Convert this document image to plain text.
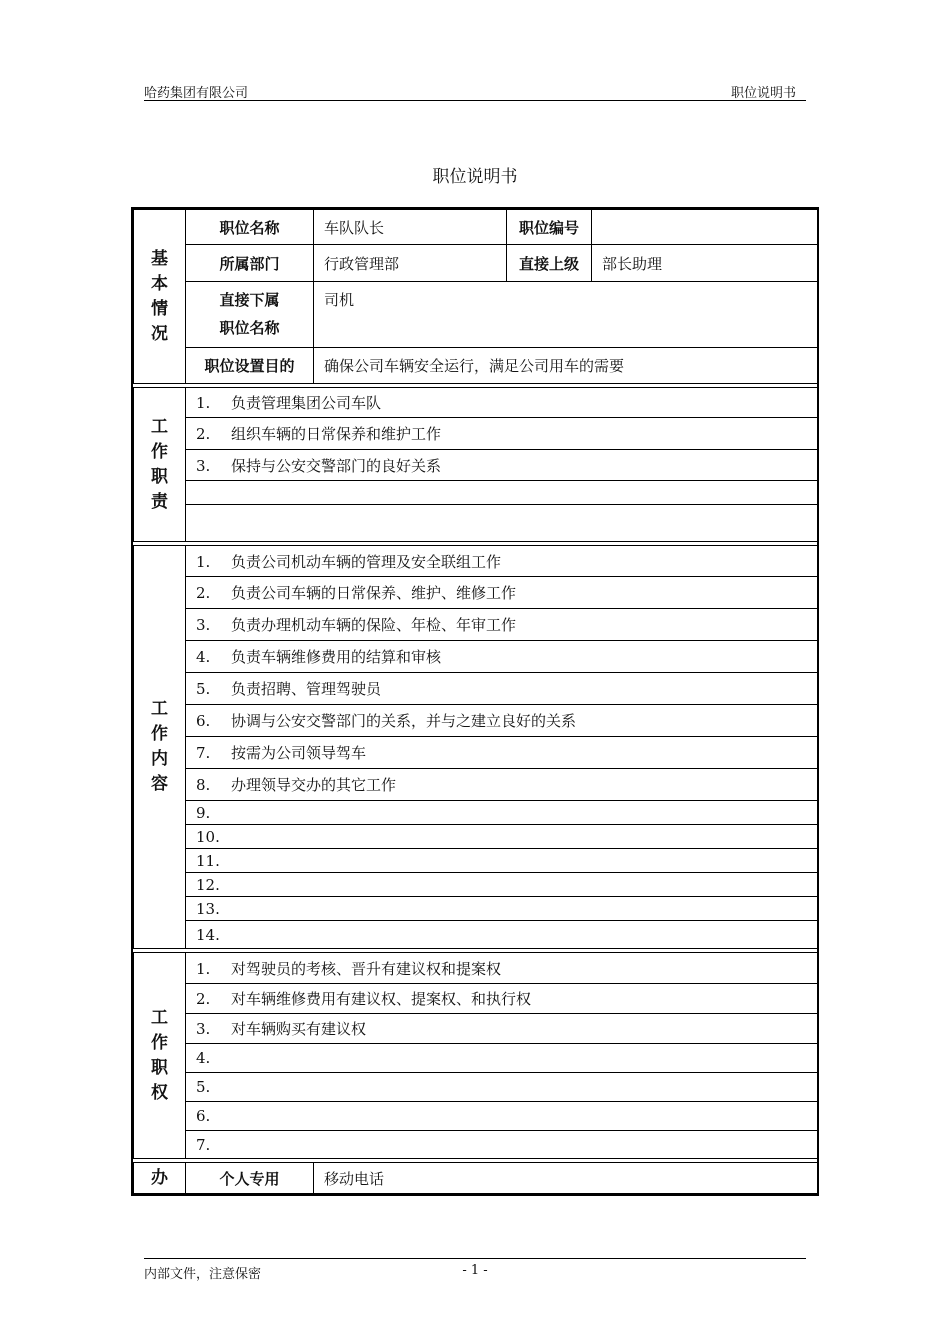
哈药集团有限公司	职位说明书
职位说明书
基
本
情
况	职位名称	车队队长	职位编号	
	所属部门	行政管理部	直接上级	部长助理

	直接下属
职位名称	司机		
	职位设置目的	确保公司车辆安全运行，满足公司用车的需要		

工
作
职
责	1. 负责管理集团公司车队			
	2. 组织车辆的日常保养和维护工作			
	3. 保持与公安交警部门的良好关系			

工
作
内
容	1. 负责公司机动车辆的管理及安全联组工作			
	2. 负责公司车辆的日常保养、维护、维修工作			
	3. 负责办理机动车辆的保险、年检、年审工作			
	4. 负责车辆维修费用的结算和审核			
	5. 负责招聘、管理驾驶员			
	6. 协调与公安交警部门的关系，并与之建立良好的关系			
	7. 按需为公司领导驾车			
	8. 办理领导交办的其它工作			
	9.			
	10.			
	11.			
	12.			
	13.			
	14.			

工
作
职
权	1. 对驾驶员的考核、晋升有建议权和提案权			
	2. 对车辆维修费用有建议权、提案权、和执行权			
	3. 对车辆购买有建议权			
	4.			
	5.			
	6.			
	7.			

办	个人专用	移动电话		
内部文件，注意保密	- 1 -
